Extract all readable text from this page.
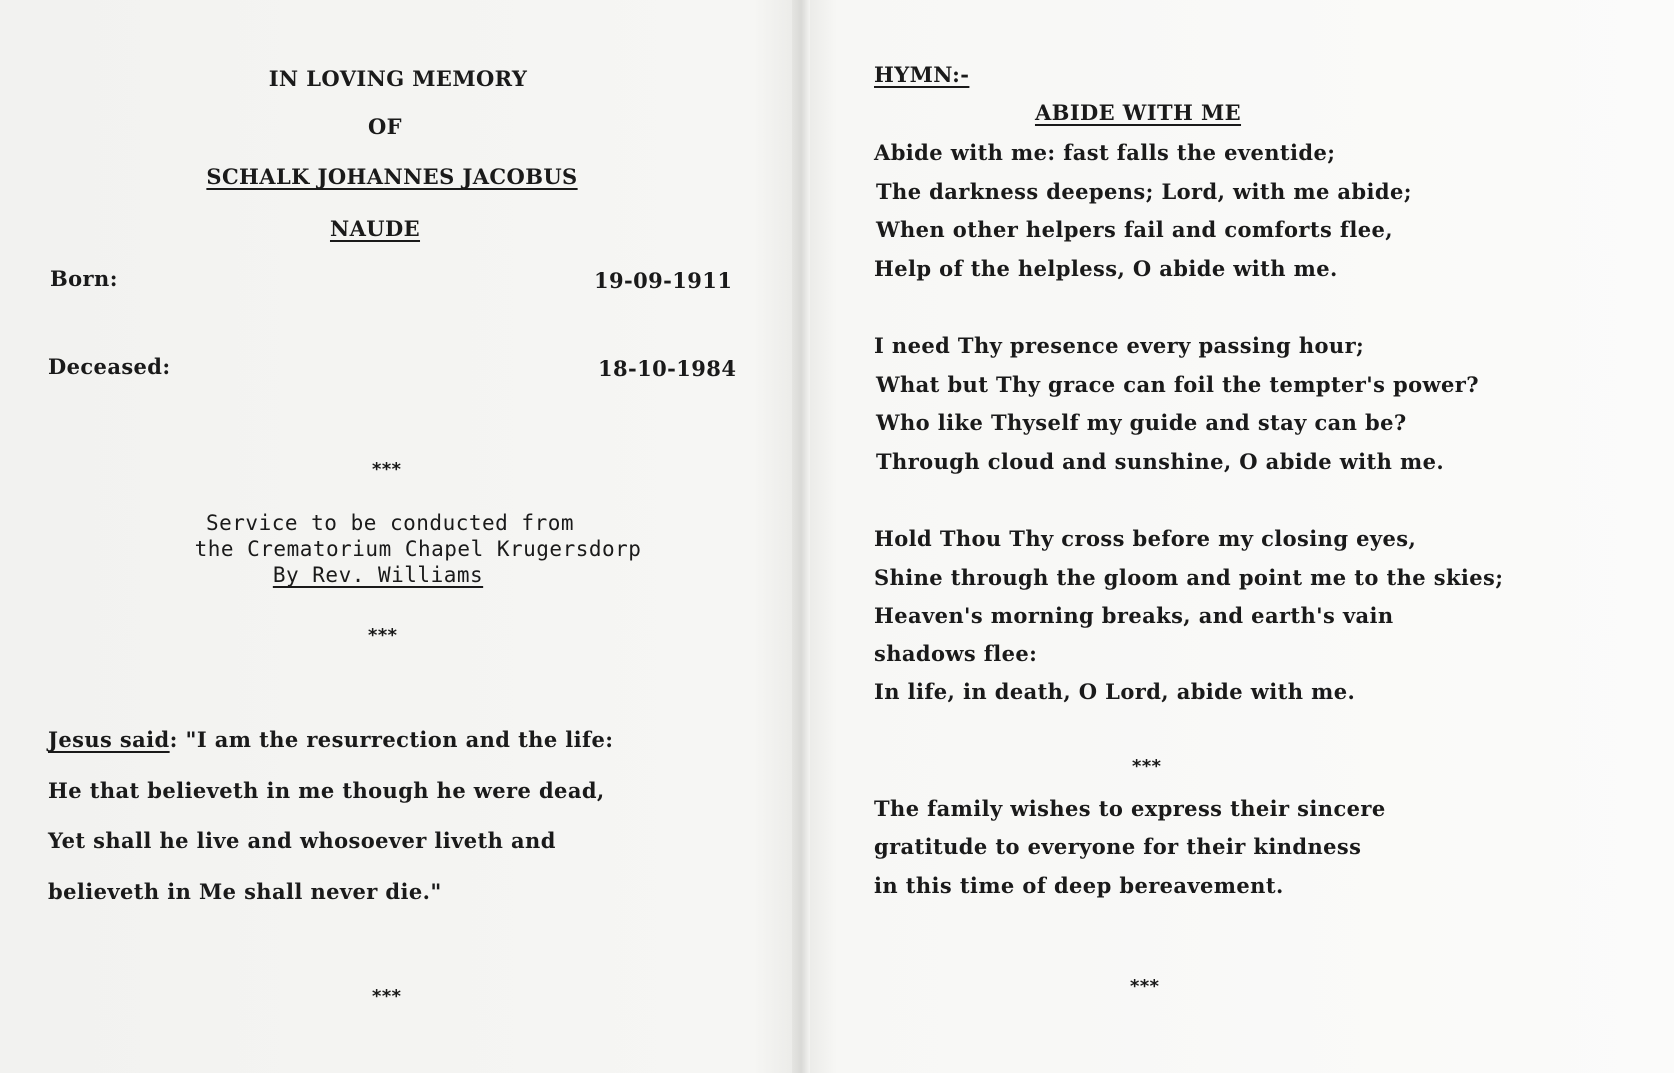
IN LOVING MEMORY
OF
SCHALK JOHANNES JACOBUS
NAUDE
Born:	19-09-1911
Deceased:	18-10-1984
***
Service to be conducted from
the Crematorium Chapel Krugersdorp
By Rev. Williams
***
Jesus said: "I am the resurrection and the life:
He that believeth in me though he were dead,
Yet shall he live and whosoever liveth and
believeth in Me shall never die."
***
HYMN:-
ABIDE WITH ME
Abide with me: fast falls the eventide;
The darkness deepens; Lord, with me abide;
When other helpers fail and comforts flee,
Help of the helpless, O abide with me.
I need Thy presence every passing hour;
What but Thy grace can foil the tempter's power?
Who like Thyself my guide and stay can be?
Through cloud and sunshine, O abide with me.
Hold Thou Thy cross before my closing eyes,
Shine through the gloom and point me to the skies;
Heaven's morning breaks, and earth's vain
shadows flee:
In life, in death, O Lord, abide with me.
***
The family wishes to express their sincere
gratitude to everyone for their kindness
in this time of deep bereavement.
***
